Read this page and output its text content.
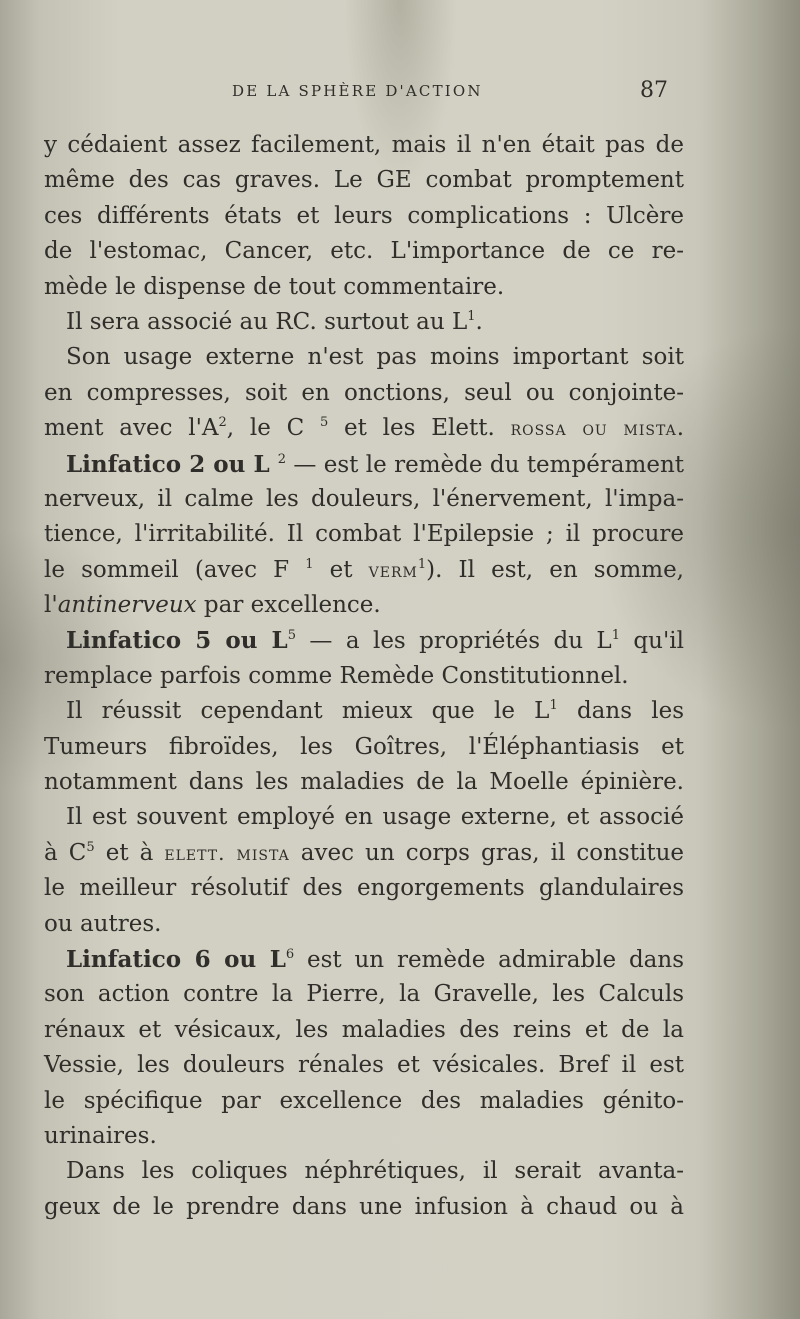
DE LA SPHÈRE D'ACTION	87
y cédaient assez facilement, mais il n'en était pas de
même des cas graves. Le GE combat promptement
ces différents états et leurs complications : Ulcère
de l'estomac, Cancer, etc. L'importance de ce re-
mède le dispense de tout commentaire.
Il sera associé au RC. surtout au $L^1$.
Son usage externe n'est pas moins important soit
en compresses, soit en onctions, seul ou conjointe-
ment avec $l'A^2$, le C $^5$ et les Elett. rossa ou mista.
Linfatico 2 ou L $^2$ — est le remède du tempérament
nerveux, il calme les douleurs, l'énervement, l'impa-
tience, l'irritabilité. Il combat l'Epilepsie ; il procure
le sommeil (avec F $^1$ et verm$^1$). Il est, en somme,
l'antinerveux par excellence.
Linfatico 5 ou $L^5$ — a les propriétés du $L^1$ qu'il
remplace parfois comme Remède Constitutionnel.
Il réussit cependant mieux que le $L^1$ dans les
Tumeurs fibroïdes, les Goîtres, l'Éléphantiasis et
notamment dans les maladies de la Moelle épinière.
Il est souvent employé en usage externe, et associé
à $C^5$ et à elett. mista avec un corps gras, il constitue
le meilleur résolutif des engorgements glandulaires
ou autres.
Linfatico 6 ou $L^6$ est un remède admirable dans
son action contre la Pierre, la Gravelle, les Calculs
rénaux et vésicaux, les maladies des reins et de la
Vessie, les douleurs rénales et vésicales. Bref il est
le spécifique par excellence des maladies génito-
urinaires.
Dans les coliques néphrétiques, il serait avanta-
geux de le prendre dans une infusion à chaud ou à
